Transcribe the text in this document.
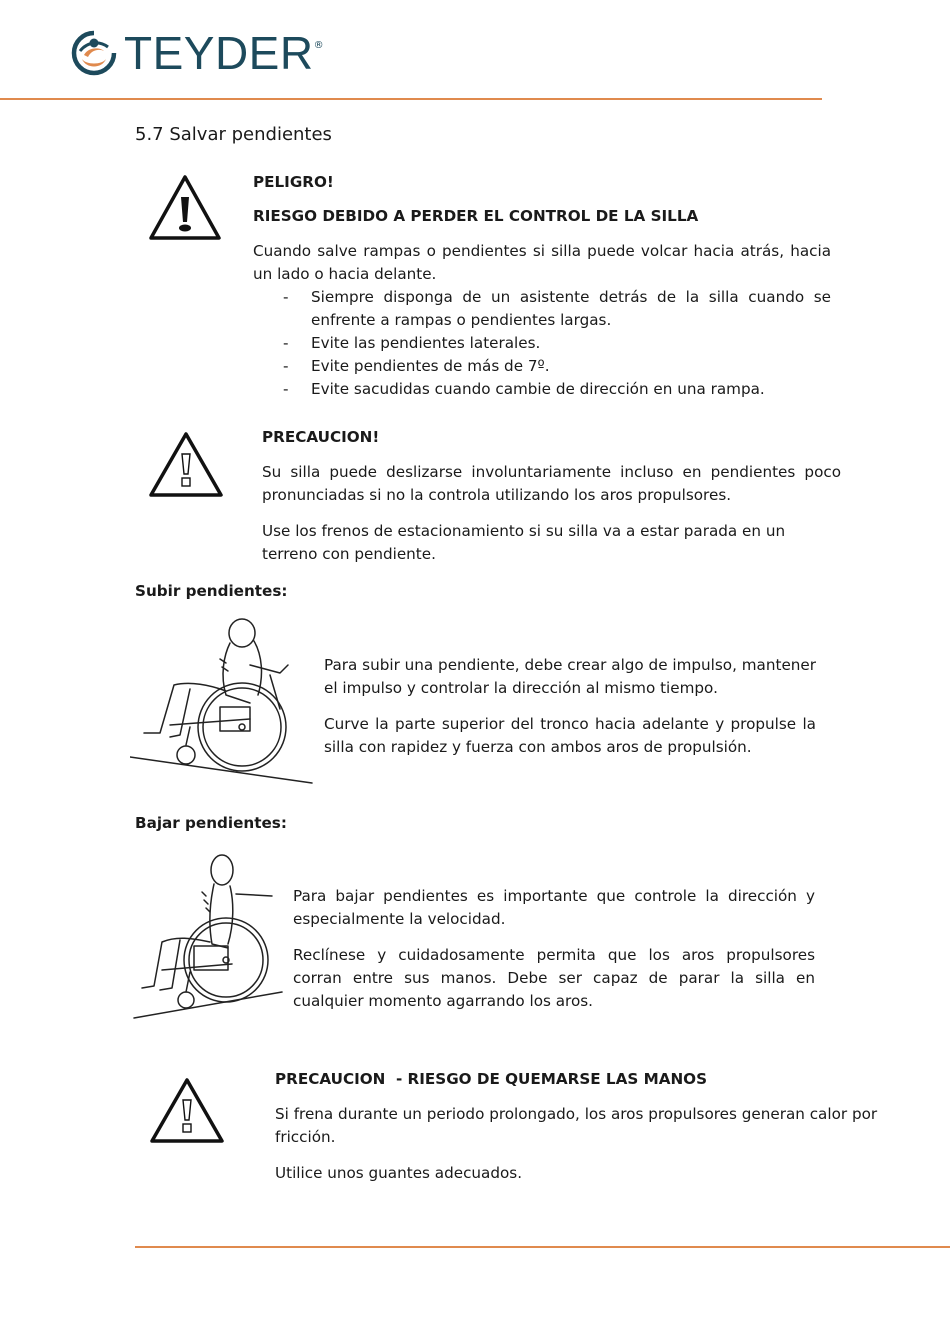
TEYDER ®
5.7 Salvar pendientes
PELIGRO!
RIESGO DEBIDO A PERDER EL CONTROL DE LA SILLA

Cuando salve rampas o pendientes si silla puede volcar hacia atrás, hacia un lado o hacia delante.

- Siempre disponga de un asistente detrás de la silla cuando se enfrente a rampas o pendientes largas.
- Evite las pendientes laterales.
- Evite pendientes de más de 7º.
- Evite sacudidas cuando cambie de dirección en una rampa.
PRECAUCION!

Su silla puede deslizarse involuntariamente incluso en pendientes poco pronunciadas si no la controla utilizando los aros propulsores.

Use los frenos de estacionamiento si su silla va a estar parada en un terreno con pendiente.

Subir pendientes:

Para subir una pendiente, debe crear algo de impulso, mantener el impulso y controlar la dirección al mismo tiempo.

Curve la parte superior del tronco hacia adelante y propulse la silla con rapidez y fuerza con ambos aros de propulsión.

Bajar pendientes:

Para bajar pendientes es importante que controle la dirección y especialmente la velocidad.

Reclínese y cuidadosamente permita que los aros propulsores corran entre sus manos. Debe ser capaz de parar la silla en cualquier momento agarrando los aros.

PRECAUCION  - RIESGO DE QUEMARSE LAS MANOS

Si frena durante un periodo prolongado, los aros propulsores generan calor por fricción.

Utilice unos guantes adecuados.
